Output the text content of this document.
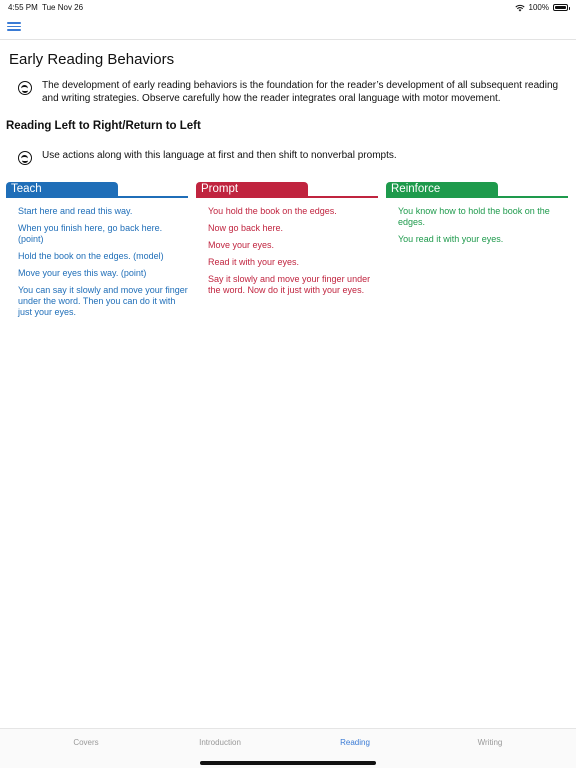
4:55 PM Tue Nov 26	100%
Early Reading Behaviors

The development of early reading behaviors is the foundation for the reader’s development of all subsequent reading and writing strategies. Observe carefully how the reader integrates oral language with motor movement.

Reading Left to Right/Return to Left

Use actions along with this language at first and then shift to nonverbal prompts.

Teach

Start here and read this way.

When you finish here, go back here. (point)

Hold the book on the edges. (model)

Move your eyes this way. (point)

You can say it slowly and move your finger under the word. Then you can do it with just your eyes.

Prompt

You hold the book on the edges.

Now go back here.

Move your eyes.

Read it with your eyes.

Say it slowly and move your finger under the word. Now do it just with your eyes.

Reinforce

You know how to hold the book on the edges.

You read it with your eyes.

Covers	Introduction	Reading	Writing
